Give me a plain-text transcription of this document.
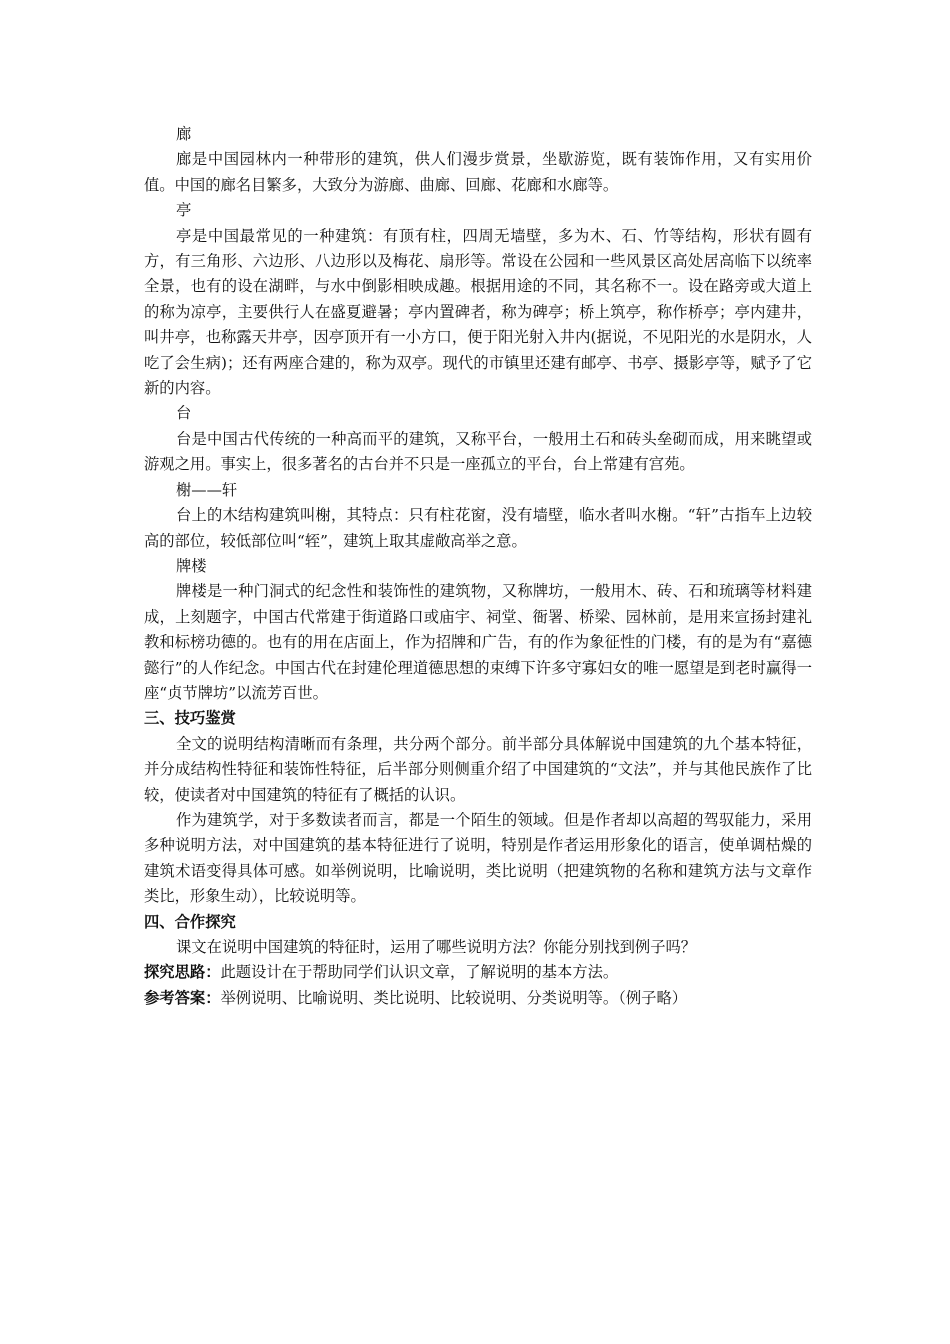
廊

廊是中国园林内一种带形的建筑，供人们漫步赏景，坐歇游览，既有装饰作用，又有实用价值。中国的廊名目繁多，大致分为游廊、曲廊、回廊、花廊和水廊等。

亭

亭是中国最常见的一种建筑：有顶有柱，四周无墙壁，多为木、石、竹等结构，形状有圆有方，有三角形、六边形、八边形以及梅花、扇形等。常设在公园和一些风景区高处居高临下以统率全景，也有的设在湖畔，与水中倒影相映成趣。根据用途的不同，其名称不一。设在路旁或大道上的称为凉亭，主要供行人在盛夏避暑；亭内置碑者，称为碑亭；桥上筑亭，称作桥亭；亭内建井，叫井亭，也称露天井亭，因亭顶开有一小方口，便于阳光射入井内(据说，不见阳光的水是阴水，人吃了会生病)；还有两座合建的，称为双亭。现代的市镇里还建有邮亭、书亭、摄影亭等，赋予了它新的内容。

台

台是中国古代传统的一种高而平的建筑，又称平台，一般用土石和砖头垒砌而成，用来眺望或游观之用。事实上，很多著名的古台并不只是一座孤立的平台，台上常建有宫苑。

榭——轩

台上的木结构建筑叫榭，其特点：只有柱花窗，没有墙壁，临水者叫水榭。“轩”古指车上边较高的部位，较低部位叫“轾”，建筑上取其虚敞高举之意。

牌楼

牌楼是一种门洞式的纪念性和装饰性的建筑物，又称牌坊，一般用木、砖、石和琉璃等材料建成，上刻题字，中国古代常建于街道路口或庙宇、祠堂、衙署、桥梁、园林前，是用来宣扬封建礼教和标榜功德的。也有的用在店面上，作为招牌和广告，有的作为象征性的门楼，有的是为有“嘉德懿行”的人作纪念。中国古代在封建伦理道德思想的束缚下许多守寡妇女的唯一愿望是到老时赢得一座“贞节牌坊”以流芳百世。

三、技巧鉴赏

全文的说明结构清晰而有条理，共分两个部分。前半部分具体解说中国建筑的九个基本特征，并分成结构性特征和装饰性特征，后半部分则侧重介绍了中国建筑的“文法”，并与其他民族作了比较，使读者对中国建筑的特征有了概括的认识。

作为建筑学，对于多数读者而言，都是一个陌生的领域。但是作者却以高超的驾驭能力，采用多种说明方法，对中国建筑的基本特征进行了说明，特别是作者运用形象化的语言，使单调枯燥的建筑术语变得具体可感。如举例说明，比喻说明，类比说明（把建筑物的名称和建筑方法与文章作类比，形象生动），比较说明等。

四、合作探究

课文在说明中国建筑的特征时，运用了哪些说明方法？你能分别找到例子吗？

探究思路：此题设计在于帮助同学们认识文章，了解说明的基本方法。

参考答案：举例说明、比喻说明、类比说明、比较说明、分类说明等。（例子略）
